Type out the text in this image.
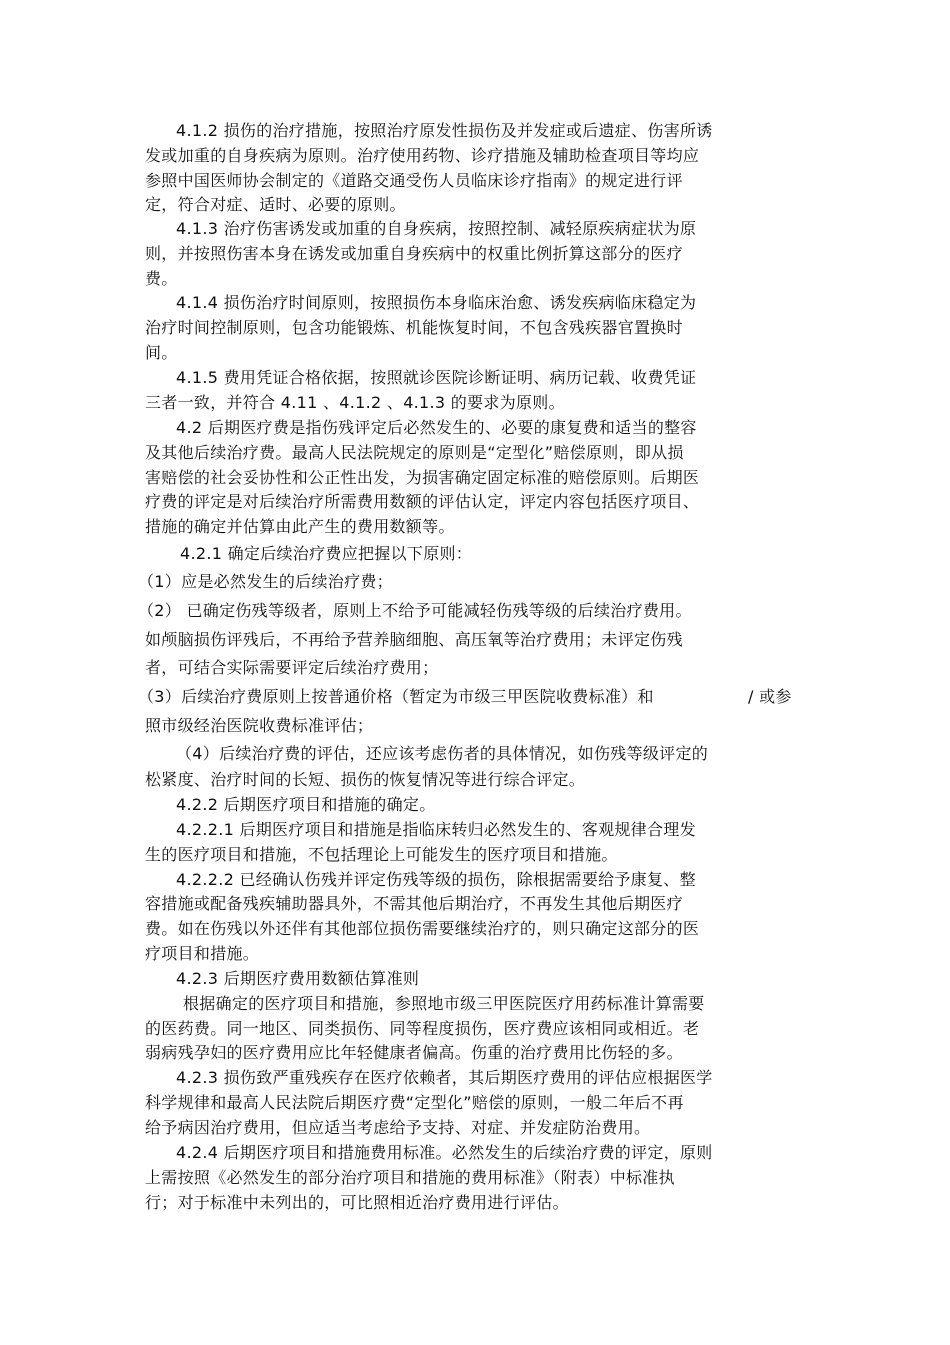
4.1.2 损伤的治疗措施，按照治疗原发性损伤及并发症或后遗症、伤害所诱
发或加重的自身疾病为原则。治疗使用药物、诊疗措施及辅助检查项目等均应
参照中国医师协会制定的《道路交通受伤人员临床诊疗指南》的规定进行评
定，符合对症、适时、必要的原则。
4.1.3 治疗伤害诱发或加重的自身疾病，按照控制、减轻原疾病症状为原
则，并按照伤害本身在诱发或加重自身疾病中的权重比例折算这部分的医疗
费。
4.1.4 损伤治疗时间原则，按照损伤本身临床治愈、诱发疾病临床稳定为
治疗时间控制原则，包含功能锻炼、机能恢复时间，不包含残疾器官置换时
间。
4.1.5 费用凭证合格依据，按照就诊医院诊断证明、病历记载、收费凭证
三者一致，并符合 4.11 、4.1.2 、4.1.3 的要求为原则。
4.2 后期医疗费是指伤残评定后必然发生的、必要的康复费和适当的整容
及其他后续治疗费。最高人民法院规定的原则是“定型化”赔偿原则，即从损
害赔偿的社会妥协性和公正性出发，为损害确定固定标准的赔偿原则。后期医
疗费的评定是对后续治疗所需费用数额的评估认定，评定内容包括医疗项目、
措施的确定并估算由此产生的费用数额等。
4.2.1 确定后续治疗费应把握以下原则：
（1）应是必然发生的后续治疗费；
（2） 已确定伤残等级者，原则上不给予可能减轻伤残等级的后续治疗费用。
如颅脑损伤评残后，不再给予营养脑细胞、高压氧等治疗费用；未评定伤残
者，可结合实际需要评定后续治疗费用；
（3）后续治疗费原则上按普通价格（暂定为市级三甲医院收费标准）和	/ 或参
照市级经治医院收费标准评估；
（4）后续治疗费的评估，还应该考虑伤者的具体情况，如伤残等级评定的
松紧度、治疗时间的长短、损伤的恢复情况等进行综合评定。
4.2.2 后期医疗项目和措施的确定。
4.2.2.1 后期医疗项目和措施是指临床转归必然发生的、客观规律合理发
生的医疗项目和措施，不包括理论上可能发生的医疗项目和措施。
4.2.2.2 已经确认伤残并评定伤残等级的损伤，除根据需要给予康复、整
容措施或配备残疾辅助器具外，不需其他后期治疗，不再发生其他后期医疗
费。如在伤残以外还伴有其他部位损伤需要继续治疗的，则只确定这部分的医
疗项目和措施。
4.2.3 后期医疗费用数额估算准则
根据确定的医疗项目和措施，参照地市级三甲医院医疗用药标准计算需要
的医药费。同一地区、同类损伤、同等程度损伤，医疗费应该相同或相近。老
弱病残孕妇的医疗费用应比年轻健康者偏高。伤重的治疗费用比伤轻的多。
4.2.3 损伤致严重残疾存在医疗依赖者，其后期医疗费用的评估应根据医学
科学规律和最高人民法院后期医疗费“定型化”赔偿的原则，一般二年后不再
给予病因治疗费用，但应适当考虑给予支持、对症、并发症防治费用。
4.2.4 后期医疗项目和措施费用标准。必然发生的后续治疗费的评定，原则
上需按照《必然发生的部分治疗项目和措施的费用标准》（附表）中标准执
行；对于标准中未列出的，可比照相近治疗费用进行评估。
